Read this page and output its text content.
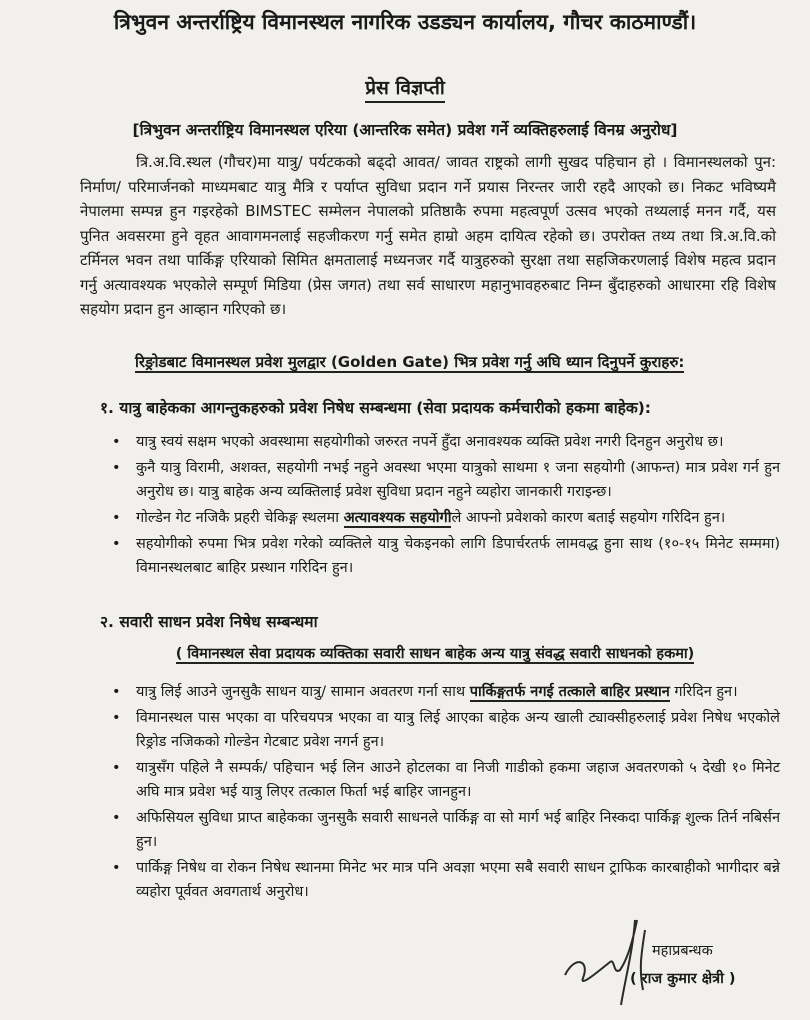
त्रिभुवन अन्तर्राष्ट्रिय विमानस्थल नागरिक उडड्यन कार्यालय, गौचर काठमाण्डौं।
प्रेस विज्ञप्ती
[त्रिभुवन अन्तर्राष्ट्रिय विमानस्थल एरिया (आन्तरिक समेत) प्रवेश गर्ने व्यक्तिहरुलाई विनम्र अनुरोध]

त्रि.अ.वि.स्थल (गौचर)मा यात्रु/ पर्यटकको बढ्दो आवत/ जावत राष्ट्रको लागी सुखद पहिचान हो । विमानस्थलको पुन: निर्माण/ परिमार्जनको माध्यमबाट यात्रु मैत्रि र पर्याप्त सुविधा प्रदान गर्ने प्रयास निरन्तर जारी रहदै आएको छ। निकट भविष्यमै नेपालमा सम्पन्न हुन गइरहेको BIMSTEC सम्मेलन नेपालको प्रतिष्ठाकै रुपमा महत्वपूर्ण उत्सव भएको तथ्यलाई मनन गर्दै, यस पुनित अवसरमा हुने वृहत आवागमनलाई सहजीकरण गर्नु समेत हाम्रो अहम दायित्व रहेको छ। उपरोक्त तथ्य तथा त्रि.अ.वि.को टर्मिनल भवन तथा पार्किङ्ग एरियाको सिमित क्षमतालाई मध्यनजर गर्दै यात्रुहरुको सुरक्षा तथा सहजिकरणलाई विशेष महत्व प्रदान गर्नु अत्यावश्यक भएकोले सम्पूर्ण मिडिया (प्रेस जगत) तथा सर्व साधारण महानुभावहरुबाट निम्न बुँदाहरुको आधारमा रहि विशेष सहयोग प्रदान हुन आव्हान गरिएको छ।

रिङ्रोडबाट विमानस्थल प्रवेश मुलद्वार (Golden Gate) भित्र प्रवेश गर्नु अघि ध्यान दिनुपर्ने कुराहरु:
१. यात्रु बाहेकका आगन्तुकहरुको प्रवेश निषेध सम्बन्धमा (सेवा प्रदायक कर्मचारीको हकमा बाहेक):
• यात्रु स्वयं सक्षम भएको अवस्थामा सहयोगीको जरुरत नपर्ने हुँदा अनावश्यक व्यक्ति प्रवेश नगरी दिनहुन अनुरोध छ।
• कुनै यात्रु विरामी, अशक्त, सहयोगी नभई नहुने अवस्था भएमा यात्रुको साथमा १ जना सहयोगी (आफन्त) मात्र प्रवेश गर्न हुन अनुरोध छ। यात्रु बाहेक अन्य व्यक्तिलाई प्रवेश सुविधा प्रदान नहुने व्यहोरा जानकारी गराइन्छ।
• गोल्डेन गेट नजिकै प्रहरी चेकिङ्ग स्थलमा अत्यावश्यक सहयोगीले आफ्नो प्रवेशको कारण बताई सहयोग गरिदिन हुन।
• सहयोगीको रुपमा भित्र प्रवेश गरेको व्यक्तिले यात्रु चेकइनको लागि डिपार्चरतर्फ लामवद्ध हुना साथ (१०-१५ मिनेट सम्ममा) विमानस्थलबाट बाहिर प्रस्थान गरिदिन हुन।
२. सवारी साधन प्रवेश निषेध सम्बन्धमा
( विमानस्थल सेवा प्रदायक व्यक्तिका सवारी साधन बाहेक अन्य यात्रु संवद्ध सवारी साधनको हकमा)
• यात्रु लिई आउने जुनसुकै साधन यात्रु/ सामान अवतरण गर्ना साथ पार्किङ्गतर्फ नगई तत्काले बाहिर प्रस्थान गरिदिन हुन।
• विमानस्थल पास भएका वा परिचयपत्र भएका वा यात्रु लिई आएका बाहेक अन्य खाली ट्याक्सीहरुलाई प्रवेश निषेध भएकोले रिङ्रोड नजिकको गोल्डेन गेटबाट प्रवेश नगर्न हुन।
• यात्रुसँग पहिले नै सम्पर्क/ पहिचान भई लिन आउने होटलका वा निजी गाडीको हकमा जहाज अवतरणको ५ देखी १० मिनेट अघि मात्र प्रवेश भई यात्रु लिएर तत्काल फिर्ता भई बाहिर जानहुन।
• अफिसियल सुविधा प्राप्त बाहेकका जुनसुकै सवारी साधनले पार्किङ्ग वा सो मार्ग भई बाहिर निस्कदा पार्किङ्ग शुल्क तिर्न नबिर्सन हुन।
• पार्किङ्ग निषेध वा रोकन निषेध स्थानमा मिनेट भर मात्र पनि अवज्ञा भएमा सबै सवारी साधन ट्राफिक कारबाहीको भागीदार बन्ने व्यहोरा पूर्ववत अवगतार्थ अनुरोध।
महाप्रबन्धक
( राज कुमार क्षेत्री )
